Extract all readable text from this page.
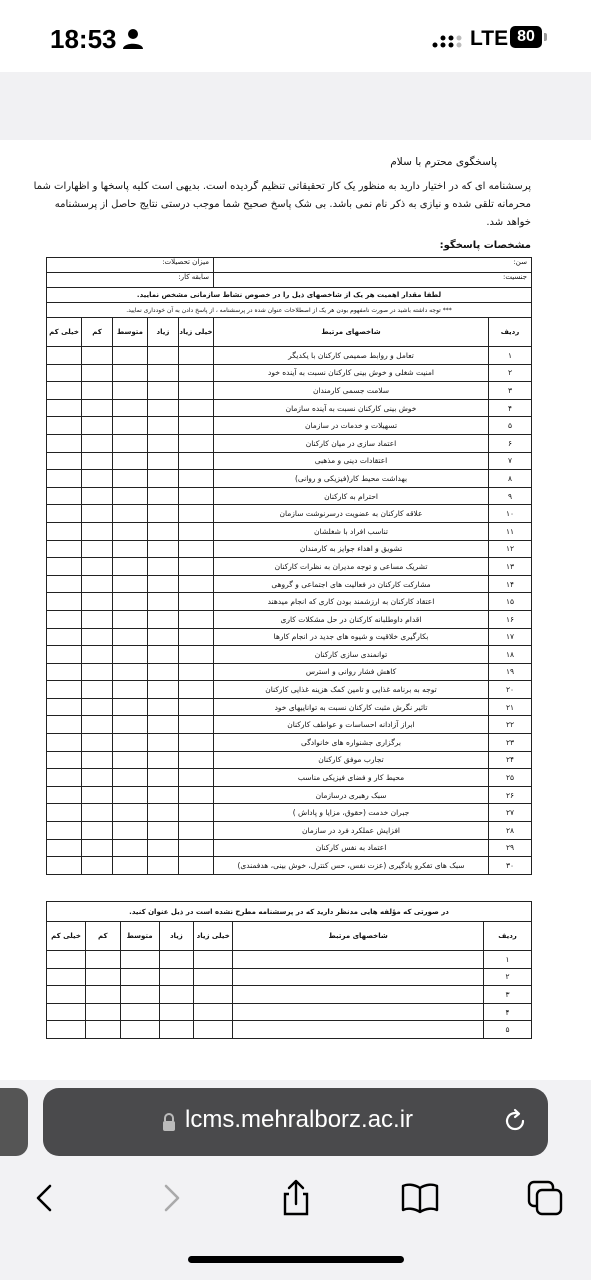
18:53	LTE 80
پاسخگوی محترم با سلام
پرسشنامه ای که در اختیار دارید به منظور یک کار تحقیقاتی تنظیم گردیده است. بدیهی است کلیه پاسخها و اظهارات شما محرمانه تلقی شده و نیازی به ذکر نام نمی باشد. بی شک پاسخ صحیح شما موجب درستی نتایج حاصل از پرسشنامه خواهد شد.
مشخصات پاسخگو:
سن:		میزان تحصیلات:				
جنسیت:		سابقه کار:				
لطفا مقدار اهمیت هر یک از شاخصهای ذیل را در خصوص نشاط سازمانی مشخص نمایید.						
*** توجه داشته باشید در صورت نامفهوم بودن هر یک از اصطلاحات عنوان شده در پرسشنامه ، از پاسخ دادن به آن خودداری نمایید.						
ردیف	شاخصهای مرتبط	خیلی زیاد	زیاد	متوسط	کم	خیلی کم
۱	تعامل و روابط صمیمی کارکنان با یکدیگر					
۲	امنیت شغلی و خوش بینی کارکنان نسبت به آینده خود					
۳	سلامت جسمی کارمندان					
۴	خوش بینی کارکنان نسبت به آینده سازمان					
۵	تسهیلات و خدمات در سازمان					
۶	اعتماد سازی در میان کارکنان					
۷	اعتقادات دینی و مذهبی					
۸	بهداشت محیط کار(فیزیکی و روانی)					
۹	احترام به کارکنان					
۱۰	علاقه کارکنان به عضویت درسرنوشت سازمان					
۱۱	تناسب افراد با شغلشان					
۱۲	تشویق و اهداء جوایز به کارمندان					
۱۳	تشریک مساعی و توجه مدیران به نظرات کارکنان					
۱۴	مشارکت کارکنان در فعالیت های اجتماعی و گروهی					
۱۵	اعتقاد کارکنان به ارزشمند بودن کاری که انجام میدهند					
۱۶	اقدام داوطلبانه کارکنان در حل مشکلات کاری					
۱۷	بکارگیری خلاقیت و شیوه های جدید در انجام کارها					
۱۸	توانمندی سازی کارکنان					
۱۹	کاهش فشار روانی و استرس					
۲۰	توجه به برنامه غذایی و تامین کمک هزینه غذایی کارکنان					
۲۱	تاثیر نگرش مثبت کارکنان نسبت به تواناییهای خود					
۲۲	ابراز آزادانه احساسات و عواطف کارکنان					
۲۳	برگزاری جشنواره های خانوادگی					
۲۴	تجارب موفق کارکنان					
۲۵	محیط کار و فضای فیزیکی مناسب					
۲۶	سبک رهبری درسازمان					
۲۷	جبران خدمت (حقوق، مزایا و پاداش )					
۲۸	افزایش عملکرد فرد در سازمان					
۲۹	اعتماد به نفس کارکنان					
۳۰	سبک های تفکرو یادگیری (عزت نفس، حس کنترل، خوش بینی، هدفمندی)					
در صورتی که مؤلفه هایی مدنظر دارید که در پرسشنامه مطرح نشده است در ذیل عنوان کنید.						
ردیف	شاخصهای مرتبط	خیلی زیاد	زیاد	متوسط	کم	خیلی کم
۱						
۲						
۳						
۴						
۵						
lcms.mehralborz.ac.ir
